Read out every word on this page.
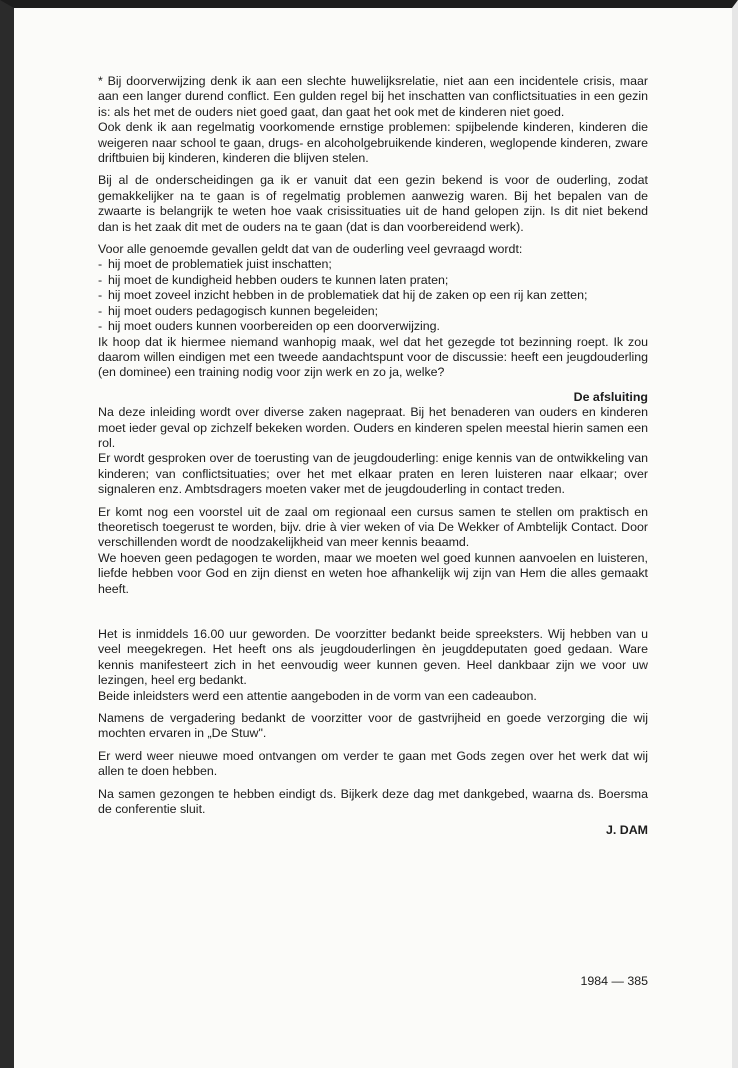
* Bij doorverwijzing denk ik aan een slechte huwelijksrelatie, niet aan een incidentele crisis, maar aan een langer durend conflict. Een gulden regel bij het inschatten van conflictsituaties in een gezin is: als het met de ouders niet goed gaat, dan gaat het ook met de kinderen niet goed.

Ook denk ik aan regelmatig voorkomende ernstige problemen: spijbelende kinderen, kinderen die weigeren naar school te gaan, drugs- en alcoholgebruikende kinderen, weglopende kinderen, zware driftbuien bij kinderen, kinderen die blijven stelen.

Bij al de onderscheidingen ga ik er vanuit dat een gezin bekend is voor de ouderling, zodat gemakkelijker na te gaan is of regelmatig problemen aanwezig waren. Bij het bepalen van de zwaarte is belangrijk te weten hoe vaak crisissituaties uit de hand gelopen zijn. Is dit niet bekend dan is het zaak dit met de ouders na te gaan (dat is dan voorbereidend werk).

Voor alle genoemde gevallen geldt dat van de ouderling veel gevraagd wordt:

- hij moet de problematiek juist inschatten;
- hij moet de kundigheid hebben ouders te kunnen laten praten;
- hij moet zoveel inzicht hebben in de problematiek dat hij de zaken op een rij kan zetten;
- hij moet ouders pedagogisch kunnen begeleiden;
- hij moet ouders kunnen voorbereiden op een doorverwijzing.

Ik hoop dat ik hiermee niemand wanhopig maak, wel dat het gezegde tot bezinning roept. Ik zou daarom willen eindigen met een tweede aandachtspunt voor de discussie: heeft een jeugdouderling (en dominee) een training nodig voor zijn werk en zo ja, welke?

De afsluiting

Na deze inleiding wordt over diverse zaken nagepraat. Bij het benaderen van ouders en kinderen moet ieder geval op zichzelf bekeken worden. Ouders en kinderen spelen meestal hierin samen een rol.

Er wordt gesproken over de toerusting van de jeugdouderling: enige kennis van de ontwikkeling van kinderen; van conflictsituaties; over het met elkaar praten en leren luisteren naar elkaar; over signaleren enz. Ambtsdragers moeten vaker met de jeugdouderling in contact treden.

Er komt nog een voorstel uit de zaal om regionaal een cursus samen te stellen om praktisch en theoretisch toegerust te worden, bijv. drie à vier weken of via De Wekker of Ambtelijk Contact. Door verschillenden wordt de noodzakelijkheid van meer kennis beaamd.

We hoeven geen pedagogen te worden, maar we moeten wel goed kunnen aanvoelen en luisteren, liefde hebben voor God en zijn dienst en weten hoe afhankelijk wij zijn van Hem die alles gemaakt heeft.

Het is inmiddels 16.00 uur geworden. De voorzitter bedankt beide spreeksters. Wij hebben van u veel meegekregen. Het heeft ons als jeugdouderlingen èn jeugddeputaten goed gedaan. Ware kennis manifesteert zich in het eenvoudig weer kunnen geven. Heel dankbaar zijn we voor uw lezingen, heel erg bedankt.

Beide inleidsters werd een attentie aangeboden in de vorm van een cadeaubon.

Namens de vergadering bedankt de voorzitter voor de gastvrijheid en goede verzorging die wij mochten ervaren in „De Stuw".

Er werd weer nieuwe moed ontvangen om verder te gaan met Gods zegen over het werk dat wij allen te doen hebben.

Na samen gezongen te hebben eindigt ds. Bijkerk deze dag met dankgebed, waarna ds. Boersma de conferentie sluit.

J. DAM
1984 — 385
